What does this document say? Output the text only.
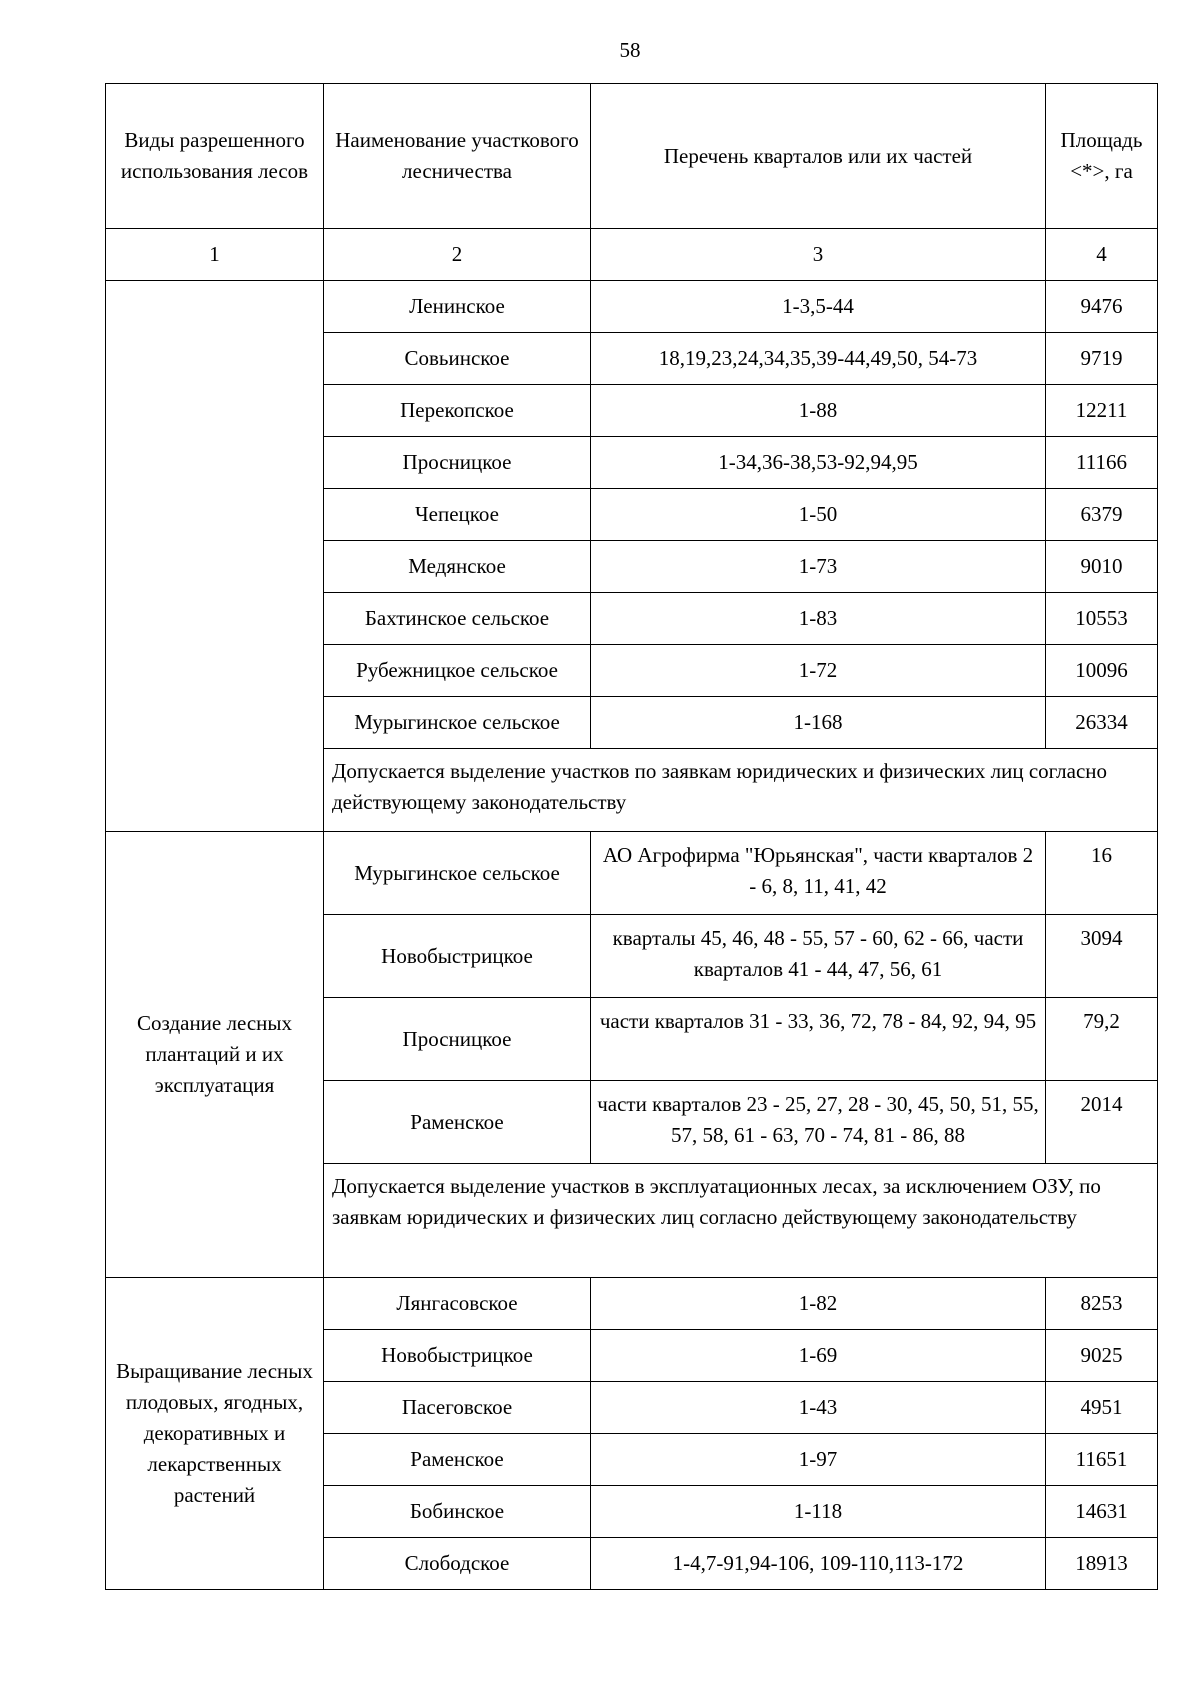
58
Виды разрешенного использования лесов	Наименование участкового лесничества	Перечень кварталов или их частей	Площадь <*>, га
1	2	3	4
	Ленинское	1-3,5-44	9476
	Совьинское	18,19,23,24,34,35,39-44,49,50, 54-73	9719
	Перекопское	1-88	12211
	Просницкое	1-34,36-38,53-92,94,95	11166
	Чепецкое	1-50	6379
	Медянское	1-73	9010
	Бахтинское сельское	1-83	10553
	Рубежницкое сельское	1-72	10096
	Мурыгинское сельское	1-168	26334
	Допускается выделение участков по заявкам юридических и физических лиц согласно действующему законодательству		
Создание лесных плантаций и их эксплуатация	Мурыгинское сельское	АО Агрофирма "Юрьянская", части кварталов 2 - 6, 8, 11, 41, 42	16
	Новобыстрицкое	кварталы 45, 46, 48 - 55, 57 - 60, 62 - 66, части кварталов 41 - 44, 47, 56, 61	3094
	Просницкое	части кварталов 31 - 33, 36, 72, 78 - 84, 92, 94, 95	79,2
	Раменское	части кварталов 23 - 25, 27, 28 - 30, 45, 50, 51, 55, 57, 58, 61 - 63, 70 - 74, 81 - 86, 88	2014
	Допускается выделение участков в эксплуатационных лесах, за исключением ОЗУ, по заявкам юридических и физических лиц согласно действующему законодательству		
Выращивание лесных плодовых, ягодных, декоративных и лекарственных растений	Лянгасовское	1-82	8253
	Новобыстрицкое	1-69	9025
	Пасеговское	1-43	4951
	Раменское	1-97	11651
	Бобинское	1-118	14631
	Слободское	1-4,7-91,94-106, 109-110,113-172	18913
